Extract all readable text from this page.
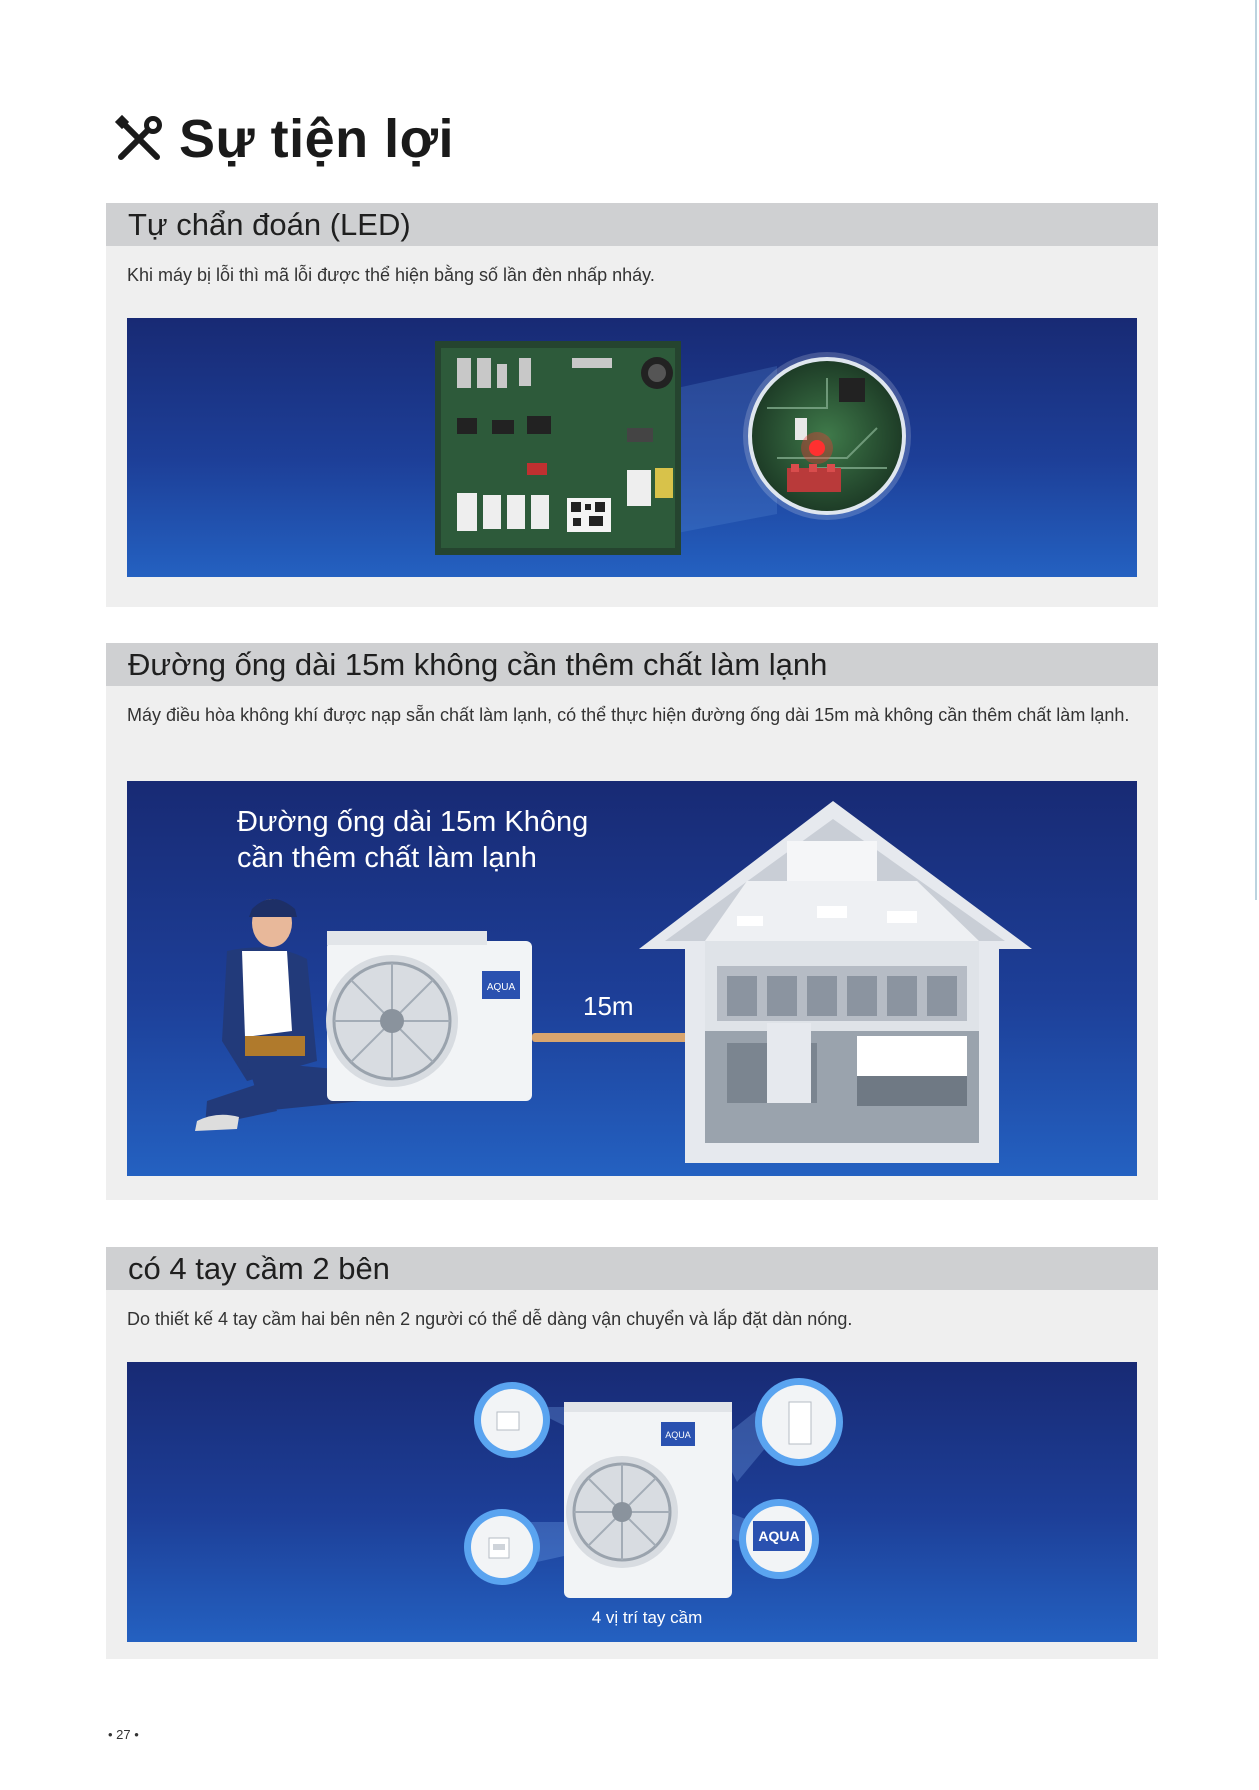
Sự tiện lợi
Tự chẩn đoán (LED)
Khi máy bị lỗi thì mã lỗi được thể hiện bằng số lần đèn nhấp nháy.
Đường ống dài 15m không cần thêm chất làm lạnh
Máy điều hòa không khí được nạp sẵn chất làm lạnh, có thể thực hiện đường ống dài 15m mà không cần thêm chất làm lạnh.
Đường ống dài 15m Không
cần thêm chất làm lạnh
15m
AQUA
có 4 tay cầm 2 bên
Do thiết kế 4 tay cầm hai bên nên 2 người có thể dễ dàng vận chuyển và lắp đặt dàn nóng.
AQUA
AQUA
4 vị trí tay cầm
• 27 •
